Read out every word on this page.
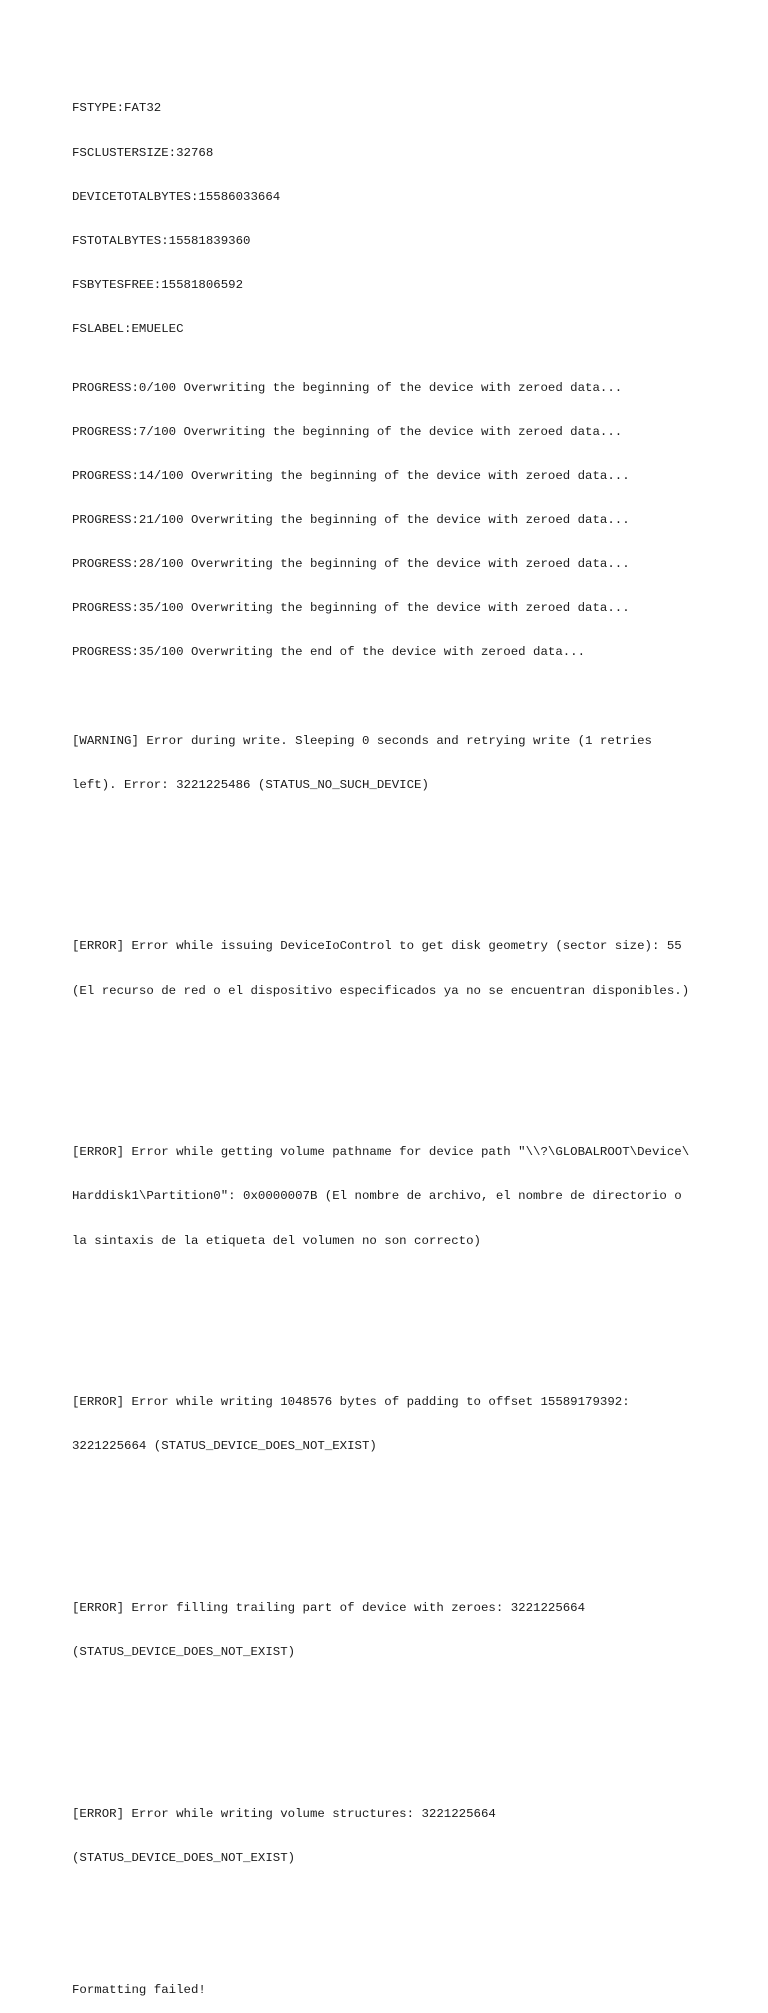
FSTYPE:FAT32

FSCLUSTERSIZE:32768

DEVICETOTALBYTES:15586033664

FSTOTALBYTES:15581839360

FSBYTESFREE:15581806592

FSLABEL:EMUELEC

PROGRESS:0/100 Overwriting the beginning of the device with zeroed data...

PROGRESS:7/100 Overwriting the beginning of the device with zeroed data...

PROGRESS:14/100 Overwriting the beginning of the device with zeroed data...

PROGRESS:21/100 Overwriting the beginning of the device with zeroed data...

PROGRESS:28/100 Overwriting the beginning of the device with zeroed data...

PROGRESS:35/100 Overwriting the beginning of the device with zeroed data...

PROGRESS:35/100 Overwriting the end of the device with zeroed data...

[WARNING] Error during write. Sleeping 0 seconds and retrying write (1 retries

left). Error: 3221225486 (STATUS_NO_SUCH_DEVICE)

[ERROR] Error while issuing DeviceIoControl to get disk geometry (sector size): 55

(El recurso de red o el dispositivo especificados ya no se encuentran disponibles.)

[ERROR] Error while getting volume pathname for device path "\\?\GLOBALROOT\Device\

Harddisk1\Partition0": 0x0000007B (El nombre de archivo, el nombre de directorio o

la sintaxis de la etiqueta del volumen no son correcto)

[ERROR] Error while writing 1048576 bytes of padding to offset 15589179392:

3221225664 (STATUS_DEVICE_DOES_NOT_EXIST)

[ERROR] Error filling trailing part of device with zeroes: 3221225664

(STATUS_DEVICE_DOES_NOT_EXIST)

[ERROR] Error while writing volume structures: 3221225664

(STATUS_DEVICE_DOES_NOT_EXIST)

Formatting failed!
